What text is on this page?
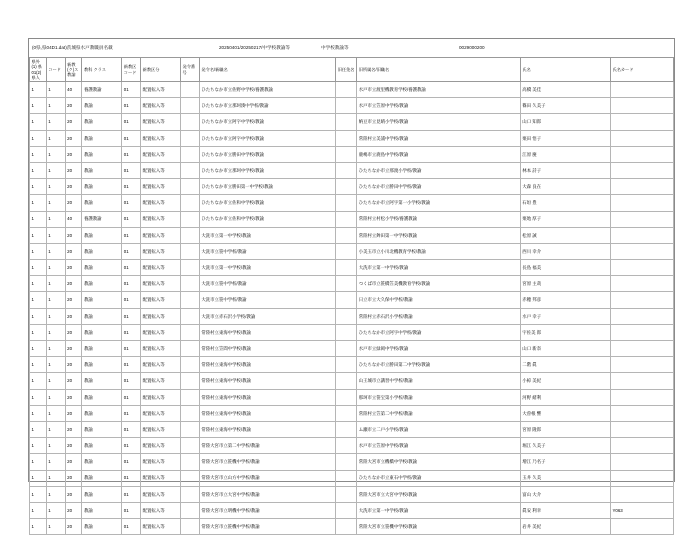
(0県,県04D1.dat)茨城県水戸教職員名載	20250401/20250217/中学校教諭等	中学校教諭等	0029000200
県外(1) 県01(2)県人	コード	新教(ク)ス 教諭	教科 クラス	新教区 コード	新教区分	発令番号	発令名/新職名	旧任免名	旧所属名/旧職名	氏名	氏名カード
1	1	40	養護教諭	01	配置転入等		ひたちなか市立佐野中学校/養護教諭		水戸市立渡里機教育学校/養護教諭	高橋 美佳	
1	1	20	教諭	01	配置転入等		ひたちなか市立那珂湊中学校/教諭		水戸市立笠原中学校/教諭	篠田 久美子	
1	1	20	教諭	01	配置転入等		ひたちなか市立阿字中学校/教諭		納豆市立見晴小学校/教諭	山口 知郎	
1	1	20	教諭	01	配置転入等		ひたちなか市立阿字中学校/教諭		常陸村立美浦中学校/教諭	栗田 悟子	
1	1	20	教諭	01	配置転入等		ひたちなか市立勝田中学校/教諭		鹿嶋市立鹿島中学校/教諭	江原 慶	
1	1	20	教諭	01	配置転入等		ひたちなか市立那珂中学校/教諭		ひたちなか市立那渡小学校/教諭	林本 詩子	
1	1	20	教諭	01	配置転入等		ひたちなか市立勝田第一中学校/教諭		ひたちなか市立勝田中学校/教諭	大森 良在	
1	1	20	教諭	01	配置転入等		ひたちなか市立佐和中学校/教諭		ひたちなか市立阿字第一小学校/教諭	石垣 豊	
1	1	40	養護教諭	01	配置転入等		ひたちなか市立佐和中学校/教諭		常陸村立村松小学校/養護教諭	栗地 厚子	
1	1	20	教諭	01	配置転入等		大洗市立第一中学校/教諭		常陸村立鉾田第一中学校/教諭	松原 誠	
1	1	20	教諭	01	配置転入等		大洗市立笹中学校/教諭		小美玉市立小川北機教育学校/教諭	西川 幸介	
1	1	20	教諭	01	配置転入等		大洗市立第一中学校/教諭		大洗市立第一中学校/教諭	長島 福美	
1	1	20	教諭	01	配置転入等		大洗市立笹中学校/教諭		つくば市立笹橋笠美機教育学校/教諭	宮原 主哉	
1	1	20	教諭	01	配置転入等		大洗市立笹中学校/教諭		日立市立大久保中学校/教諭	赤穂 邦彦	
1	1	20	教諭	01	配置転入等		大洗市立赤石沢小学校/教諭		常陸村立赤石沢小学校/教諭	水戸 幸子	
1	1	20	教諭	01	配置転入等		常陸村立東海中学校/教諭		ひたちなか市立阿字中学校/教諭	宇佐美 郎	
1	1	20	教諭	01	配置転入等		常陸村立笠間中学校/教諭		水戸市立緑岡中学校/教諭	山口 新奈	
1	1	20	教諭	01	配置転入等		常陸村立東海中学校/教諭		ひたちなか市立勝田第二中学校/教諭	二階 眞	
1	1	20	教諭	01	配置転入等		常陸村立東海中学校/教諭		山王城市立講習中学校/教諭	小椋 美紀	
1	1	20	教諭	01	配置転入等		常陸村立東海中学校/教諭		那珂市立笹宝第小学校/教諭	河野 緒利	
1	1	20	教諭	01	配置転入等		常陸村立東海中学校/教諭		常陸村立笠第二中学校/教諭	大曽根 響	
1	1	20	教諭	01	配置転入等		常陸村立東海中学校/教諭		ム瀬市立二戸小学校/教諭	宮原 隆郎	
1	1	20	教諭	01	配置転入等		常陸大宮市立第二中学校/教諭		水戸市立笠原中学校/教諭	堀江 久美子	
1	1	20	教諭	01	配置転入等		常陸大宮市立笹機中学校/教諭		常陸大宮市立機橋中学校/教諭	増江 乃名子	
1	1	20	教諭	01	配置転入等		常陸大宮市立山方中学校/教諭		ひたちなか市立東石中学校/教諭	玉井 久美	
1	1	20	教諭	01	配置転入等		常陸大宮市立大宮中学校/教諭		常陸大宮市立大宮中学校/教諭	富山 大介	
1	1	20	教諭	01	配置転入等		常陸大宮市立明機中学校/教諭		大洗市立第一中学校/教諭	眞安 利幸	Y063
1	1	20	教諭	01	配置転入等		常陸大宮市立笹機中学校/教諭		常陸大宮市立笹機中学校/教諭	岩井 美紀	
